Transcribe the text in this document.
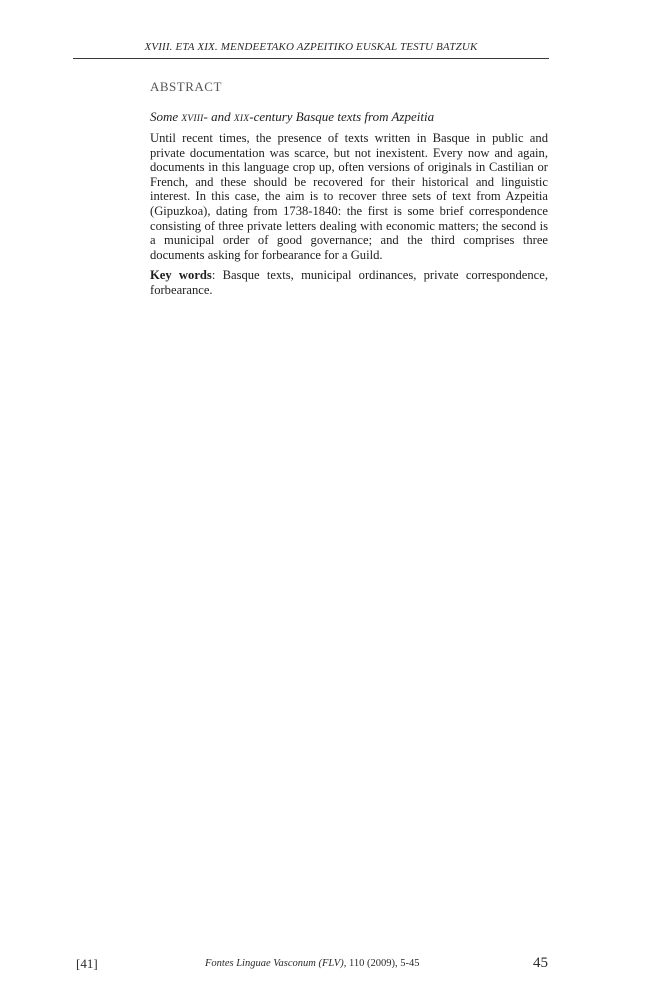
XVIII. ETA XIX. MENDEETAKO AZPEITIKO EUSKAL TESTU BATZUK

ABSTRACT

Some XVIII- and XIX-century Basque texts from Azpeitia

Until recent times, the presence of texts written in Basque in public and private documentation was scarce, but not inexistent. Every now and again, documents in this language crop up, often versions of originals in Castilian or French, and these should be recovered for their historical and linguistic interest. In this case, the aim is to recover three sets of text from Azpeitia (Gipuzkoa), dating from 1738-1840: the first is some brief correspondence consisting of three private letters dealing with economic matters; the second is a municipal order of good governance; and the third comprises three documents asking for forbearance for a Guild.

Key words: Basque texts, municipal ordinances, private correspondence, forbearance.

[41]	Fontes Linguae Vasconum (FLV), 110 (2009), 5-45	45
